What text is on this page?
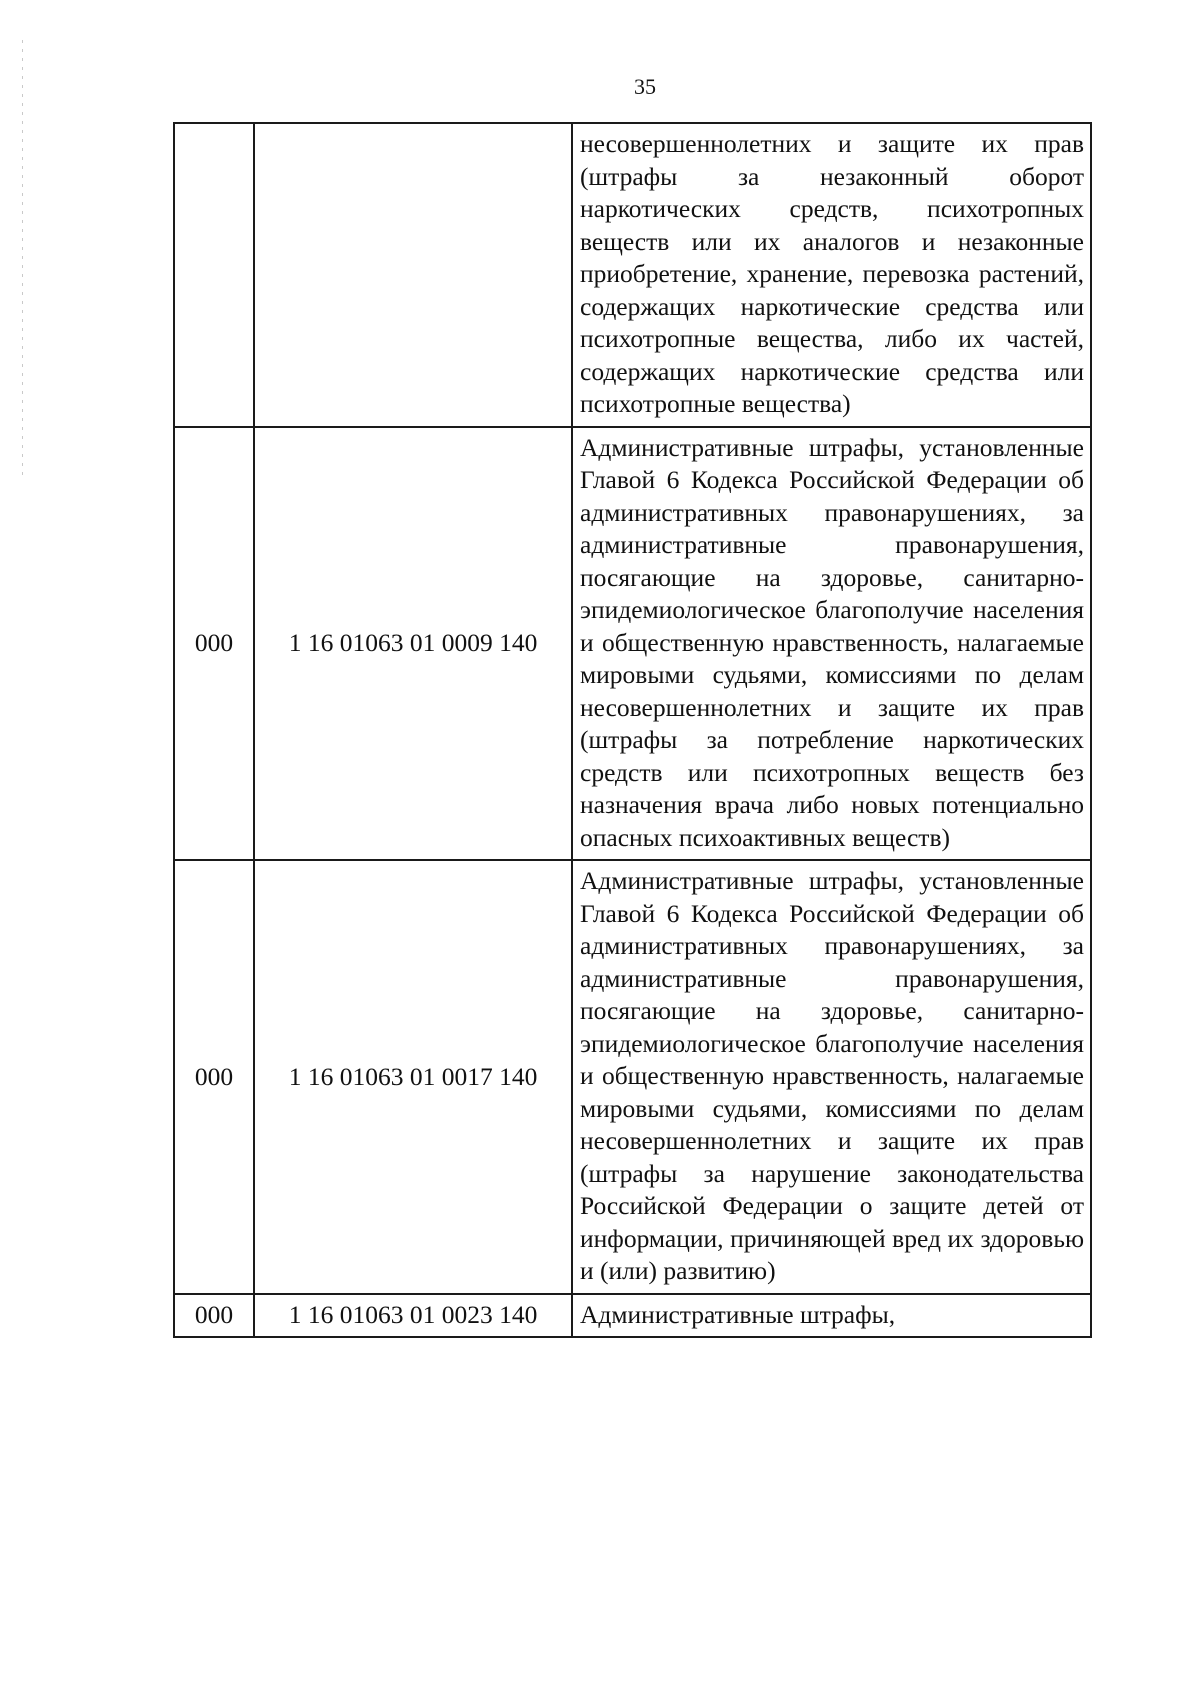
35
		несовершеннолетних и защите их прав (штрафы за незаконный оборот наркотических средств, психотропных веществ или их аналогов и незаконные приобретение, хранение, перевозка растений, содержащих наркотические средства или психотропные вещества, либо их частей, содержащих наркотические средства или психотропные вещества)
000	1 16 01063 01 0009 140	Административные штрафы, установленные Главой 6 Кодекса Российской Федерации об административных правонарушениях, за административные правонарушения, посягающие на здоровье, санитарно-эпидемиологическое благополучие населения и общественную нравственность, налагаемые мировыми судьями, комиссиями по делам несовершеннолетних и защите их прав (штрафы за потребление наркотических средств или психотропных веществ без назначения врача либо новых потенциально опасных психоактивных веществ)
000	1 16 01063 01 0017 140	Административные штрафы, установленные Главой 6 Кодекса Российской Федерации об административных правонарушениях, за административные правонарушения, посягающие на здоровье, санитарно-эпидемиологическое благополучие населения и общественную нравственность, налагаемые мировыми судьями, комиссиями по делам несовершеннолетних и защите их прав (штрафы за нарушение законодательства Российской Федерации о защите детей от информации, причиняющей вред их здоровью и (или) развитию)
000	1 16 01063 01 0023 140	Административные штрафы,
